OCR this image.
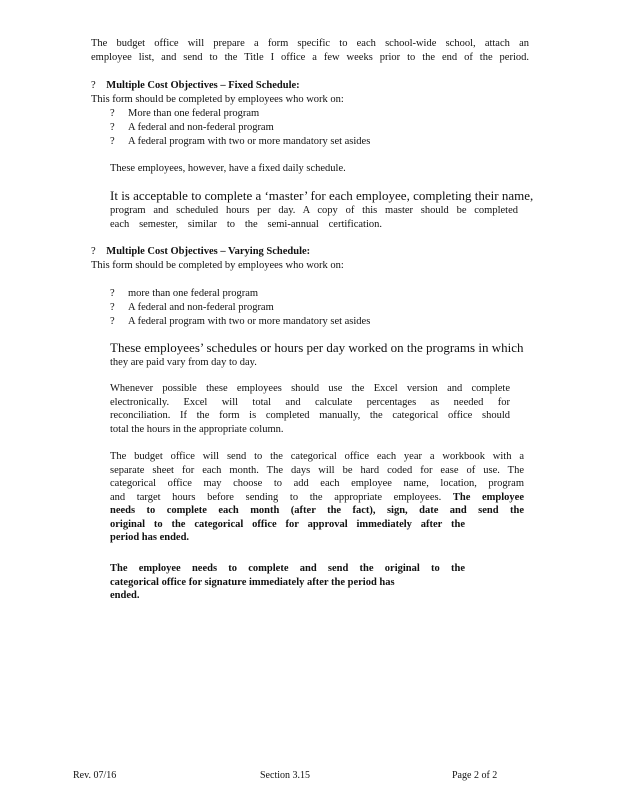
The budget office will prepare a form specific to each school-wide school, attach an
employee list, and send to the Title I office a few weeks prior to the end of the period.
? Multiple Cost Objectives – Fixed Schedule:
This form should be completed by employees who work on:
?	More than one federal program
?	A federal and non-federal program
?	A federal program with two or more mandatory set asides
These employees, however, have a fixed daily schedule.
It is acceptable to complete a ‘master’ for each employee, completing their name,
program and scheduled hours per day. A copy of this master should be completed
each semester, similar to the semi-annual certification.
? Multiple Cost Objectives – Varying Schedule:
This form should be completed by employees who work on:
?	more than one federal program
?	A federal and non-federal program
?	A federal program with two or more mandatory set asides
These employees’ schedules or hours per day worked on the programs in which
they are paid vary from day to day.
Whenever possible these employees should use the Excel version and complete
electronically. Excel will total and calculate percentages as needed for
reconciliation. If the form is completed manually, the categorical office should
total the hours in the appropriate column.
The budget office will send to the categorical office each year a workbook with a
separate sheet for each month. The days will be hard coded for ease of use. The
categorical office may choose to add each employee name, location, program
and target hours before sending to the appropriate employees. The employee
needs to complete each month (after the fact), sign, date and send the
original to the categorical office for approval immediately after the
period has ended.
The employee needs to complete and send the original to the
categorical office for signature immediately after the period has
ended.
Rev. 07/16	Section 3.15	Page 2 of 2
